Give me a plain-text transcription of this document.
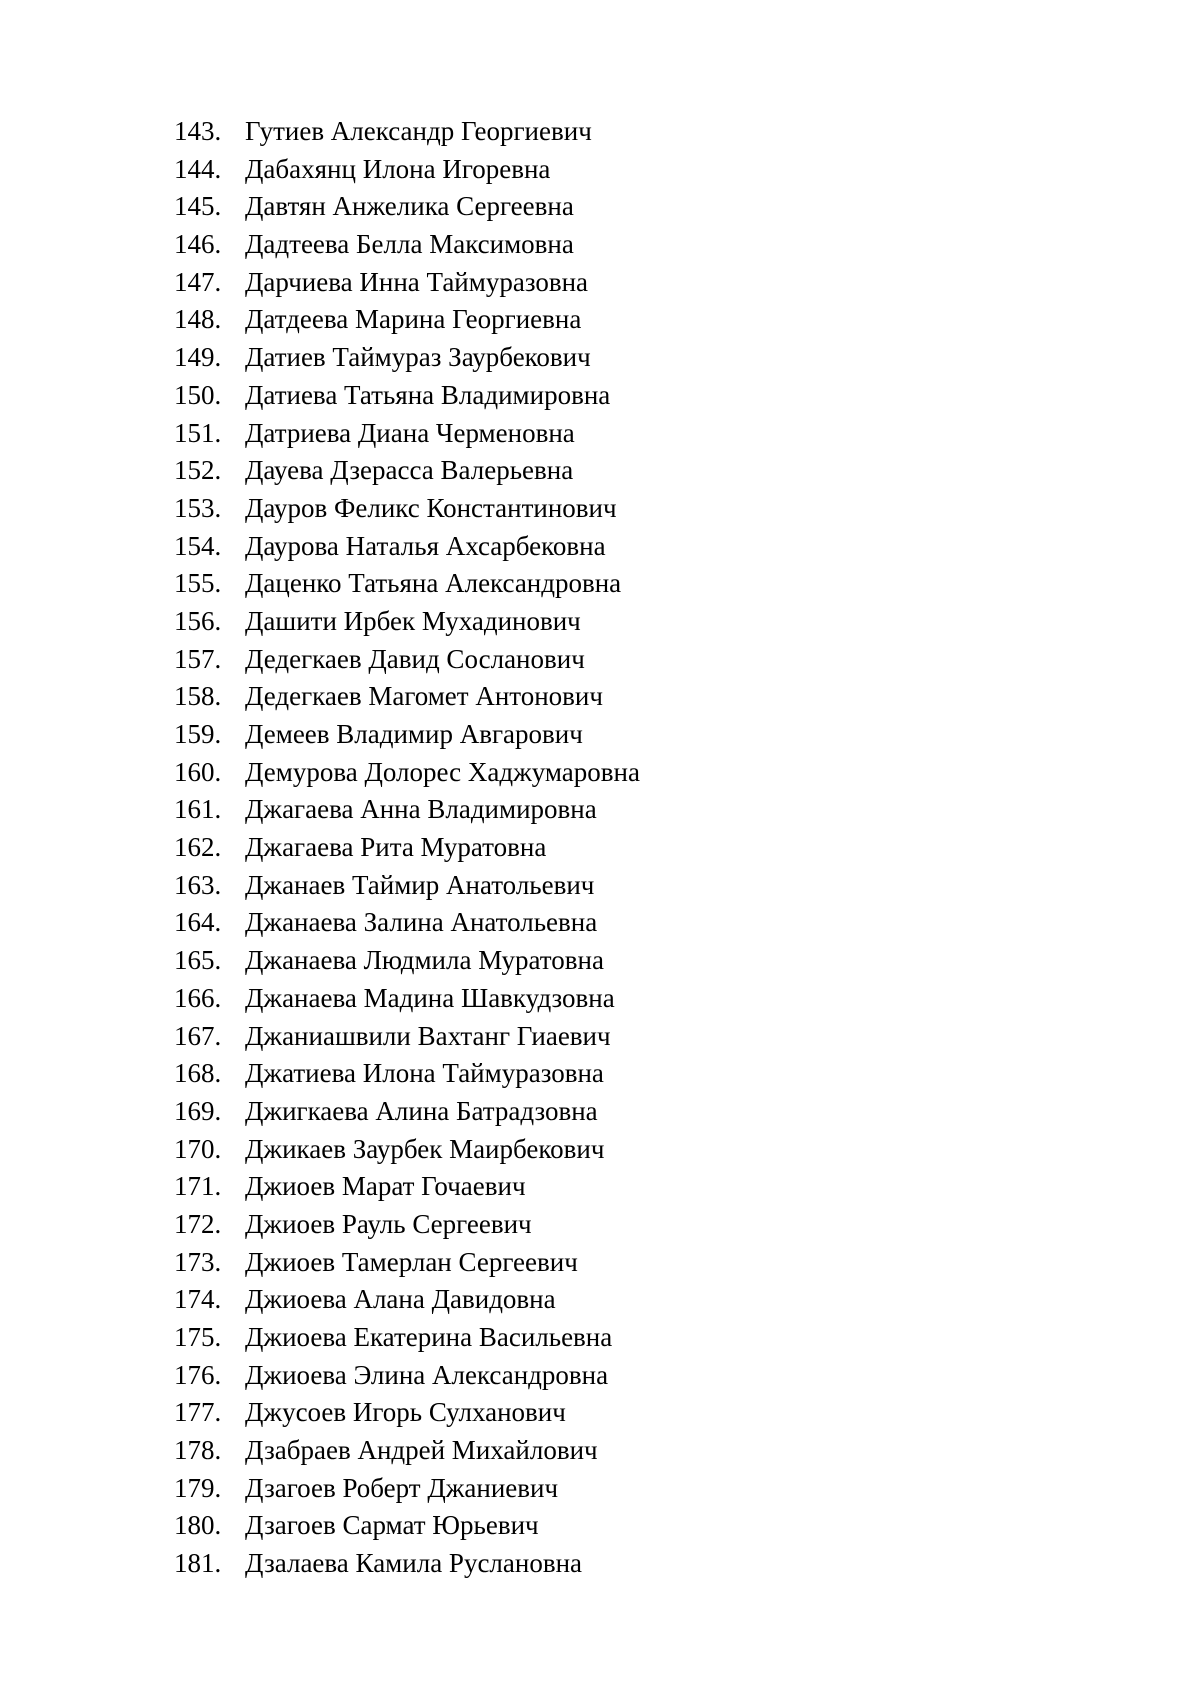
143. Гутиев Александр Георгиевич
144. Дабахянц Илона Игоревна
145. Давтян Анжелика Сергеевна
146. Дадтеева Белла Максимовна
147. Дарчиева Инна Таймуразовна
148. Датдеева Марина Георгиевна
149. Датиев Таймураз Заурбекович
150. Датиева Татьяна Владимировна
151. Датриева Диана Черменовна
152. Дауева Дзерасса Валерьевна
153. Дауров Феликс Константинович
154. Даурова Наталья Ахсарбековна
155. Даценко Татьяна Александровна
156. Дашити Ирбек Мухадинович
157. Дедегкаев Давид Сосланович
158. Дедегкаев Магомет Антонович
159. Демеев Владимир Авгарович
160. Демурова Долорес Хаджумаровна
161. Джагаева Анна Владимировна
162. Джагаева Рита Муратовна
163. Джанаев Таймир Анатольевич
164. Джанаева Залина Анатольевна
165. Джанаева Людмила Муратовна
166. Джанаева Мадина Шавкудзовна
167. Джаниашвили Вахтанг Гиаевич
168. Джатиева Илона Таймуразовна
169. Джигкаева Алина Батрадзовна
170. Джикаев Заурбек Маирбекович
171. Джиоев Марат Гочаевич
172. Джиоев Рауль Сергеевич
173. Джиоев Тамерлан Сергеевич
174. Джиоева Алана Давидовна
175. Джиоева Екатерина Васильевна
176. Джиоева Элина Александровна
177. Джусоев Игорь Сулханович
178. Дзабраев Андрей Михайлович
179. Дзагоев Роберт Джаниевич
180. Дзагоев Сармат Юрьевич
181. Дзалаева Камила Руслановна
